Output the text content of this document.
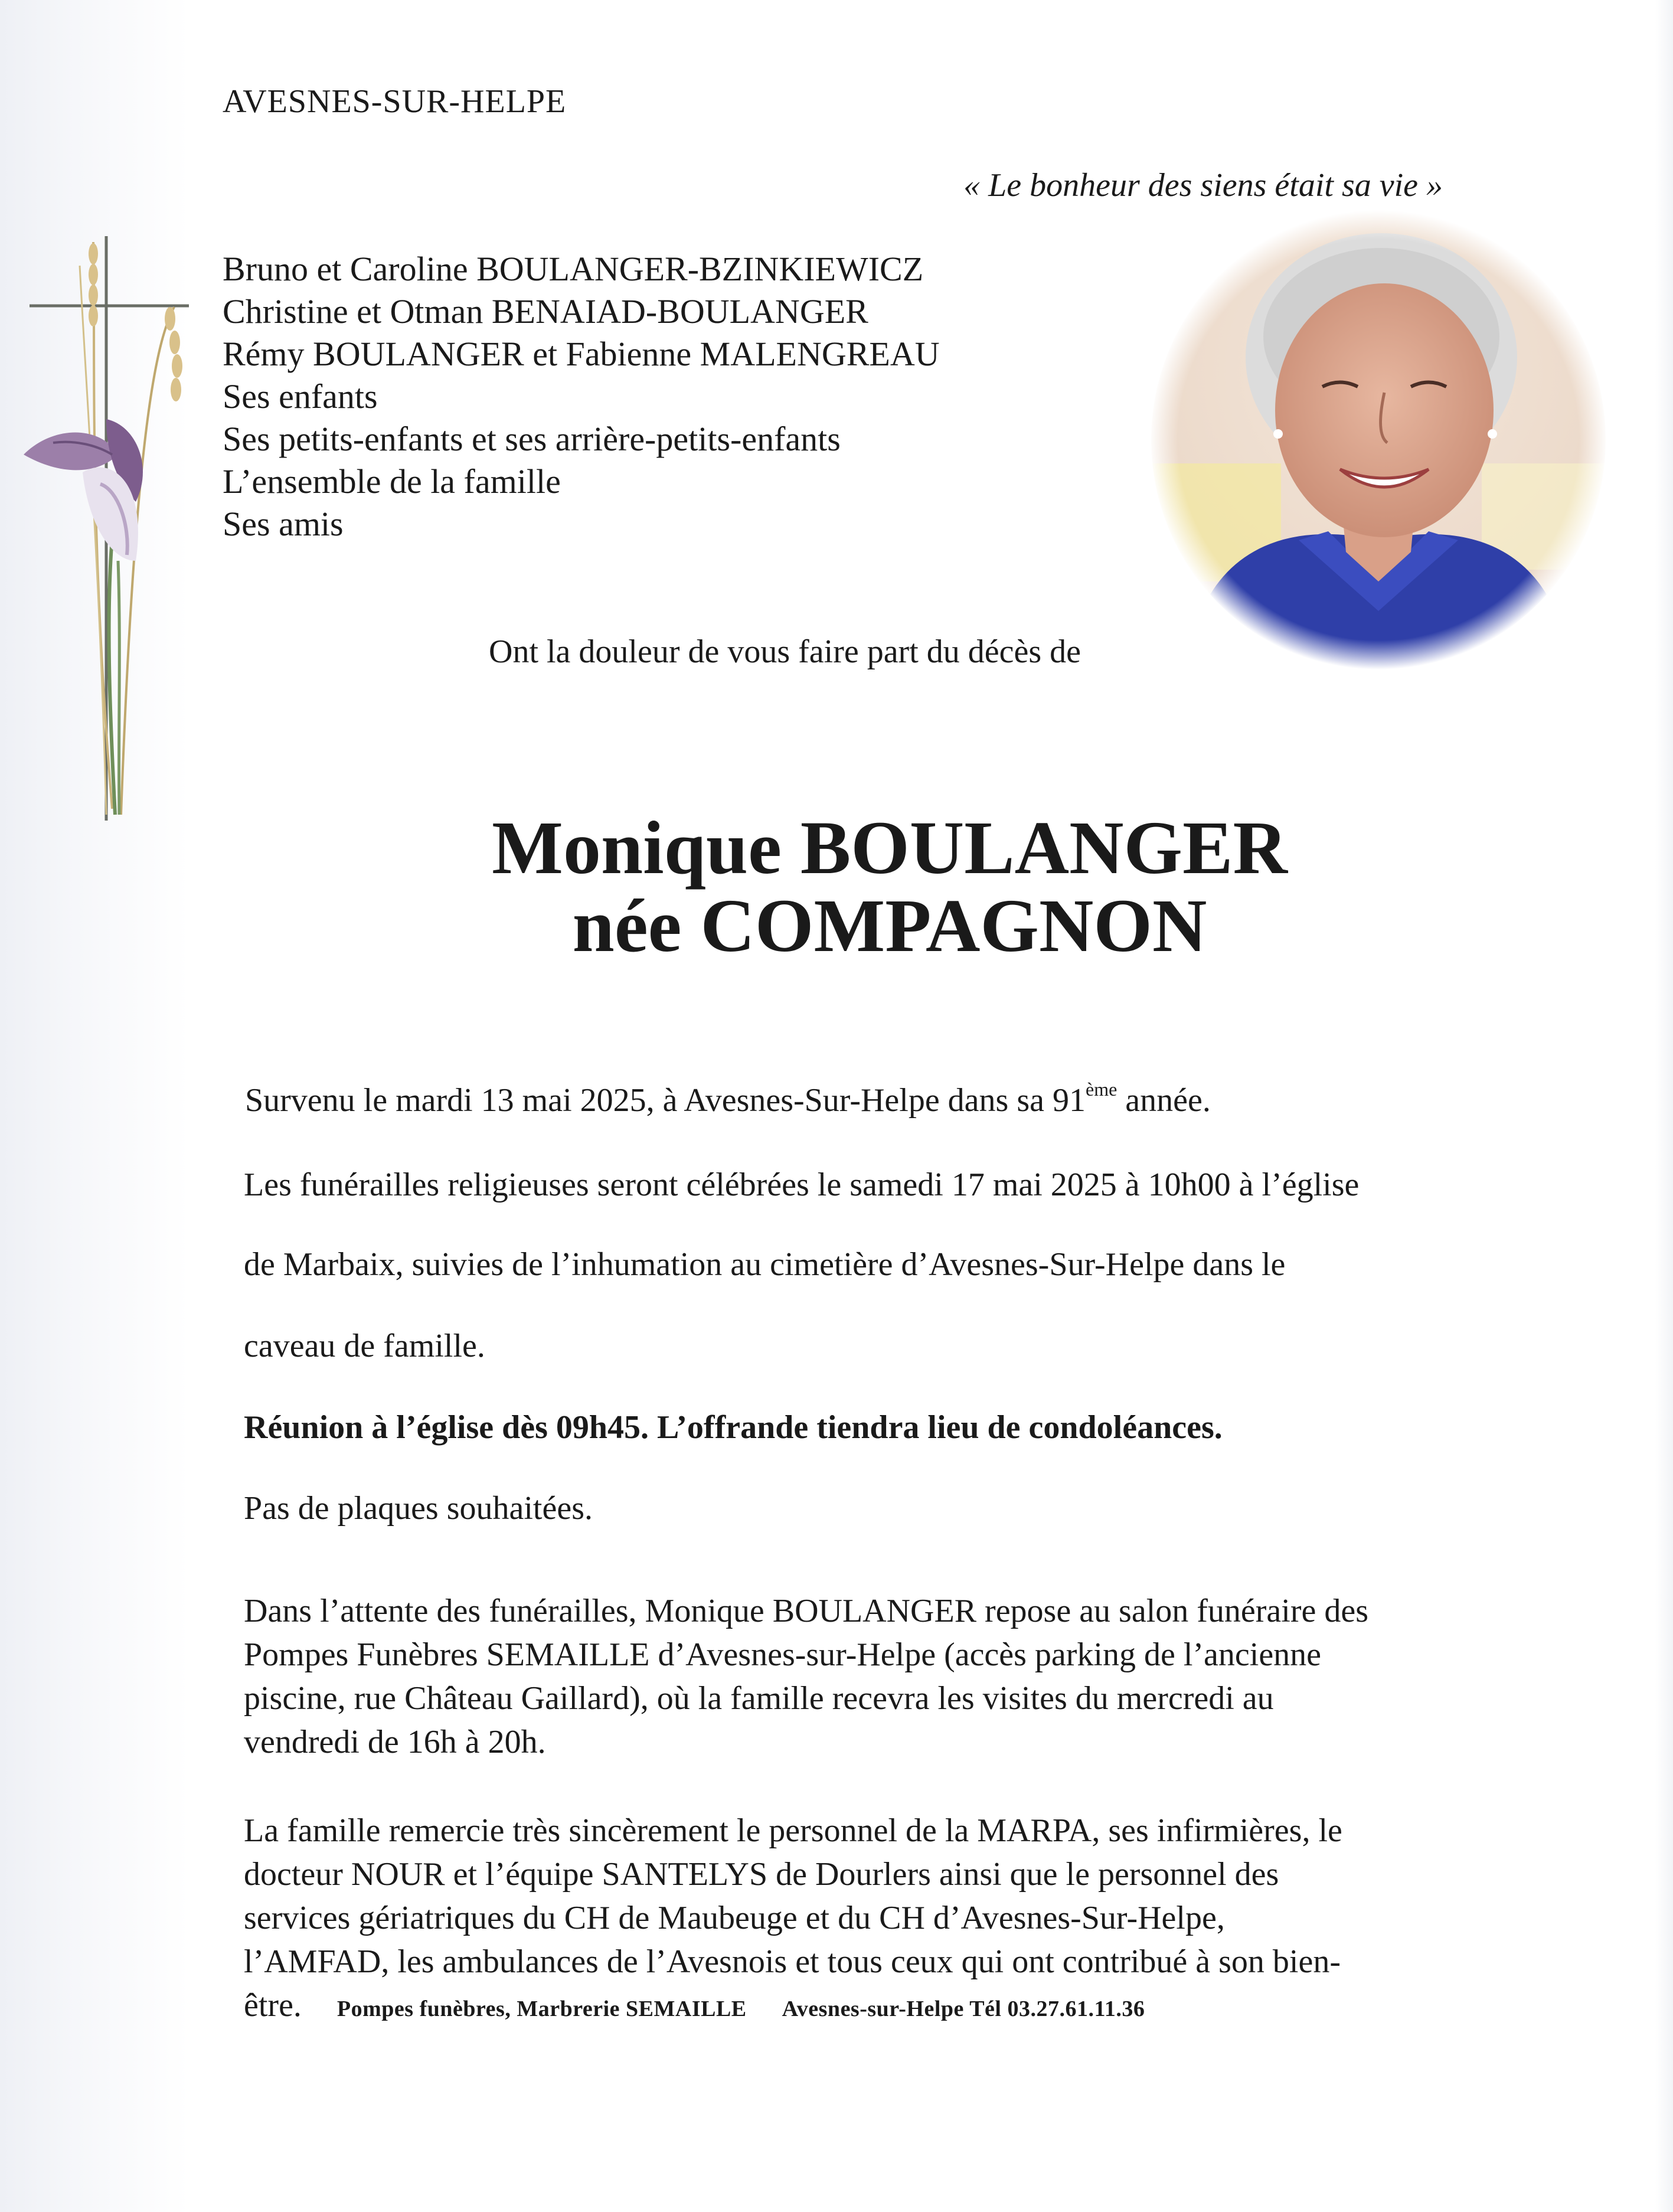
AVESNES-SUR-HELPE
« Le bonheur des siens était sa vie »
Bruno et Caroline BOULANGER-BZINKIEWICZ
Christine et Otman BENAIAD-BOULANGER
Rémy BOULANGER et Fabienne MALENGREAU
Ses enfants
Ses petits-enfants et ses arrière-petits-enfants
L’ensemble de la famille
Ses amis
Ont la douleur de vous faire part du décès de
Monique BOULANGER
née COMPAGNON
Survenu le mardi 13 mai 2025, à Avesnes-Sur-Helpe dans sa 91ème année.
Les funérailles religieuses seront célébrées le samedi 17 mai 2025 à 10h00 à l’église
de Marbaix, suivies de l’inhumation au cimetière d’Avesnes-Sur-Helpe dans le
caveau de famille.
Réunion à l’église dès 09h45. L’offrande tiendra lieu de condoléances.
Pas de plaques souhaitées.
Dans l’attente des funérailles, Monique BOULANGER repose au salon funéraire des
Pompes Funèbres SEMAILLE d’Avesnes-sur-Helpe (accès parking de l’ancienne
piscine, rue Château Gaillard), où la famille recevra les visites du mercredi au
vendredi de 16h à 20h.
La famille remercie très sincèrement le personnel de la MARPA, ses infirmières, le
docteur NOUR et l’équipe SANTELYS de Dourlers ainsi que le personnel des
services gériatriques du CH de Maubeuge et du CH d’Avesnes-Sur-Helpe,
l’AMFAD, les ambulances de l’Avesnois et tous ceux qui ont contribué à son bien-
être. Pompes funèbres, Marbrerie SEMAILLE Avesnes-sur-Helpe Tél 03.27.61.11.36
